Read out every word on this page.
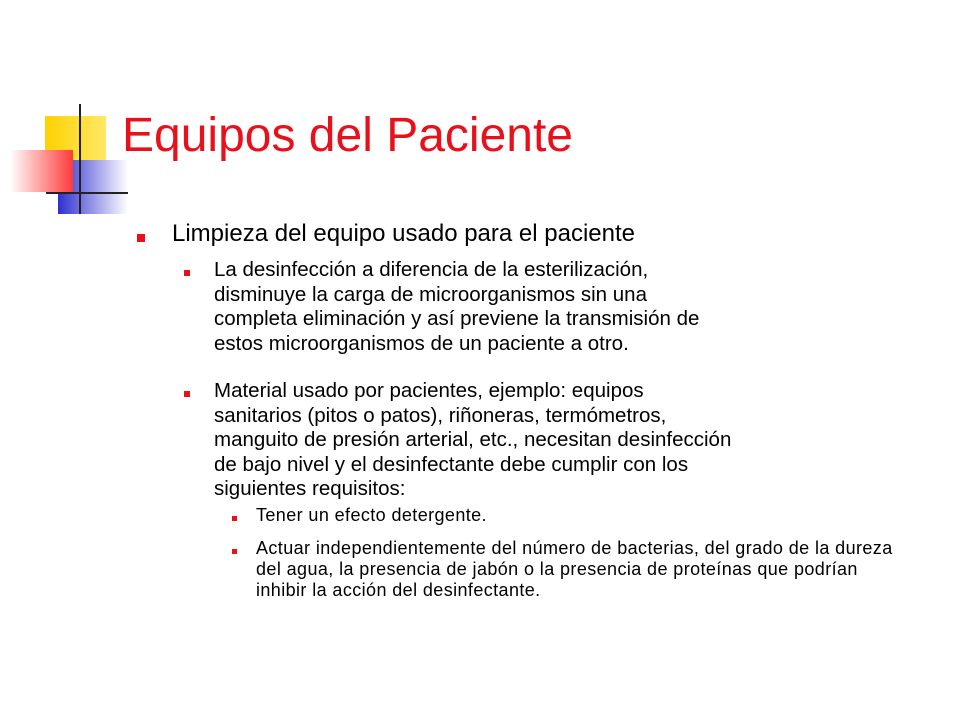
Equipos del Paciente
Limpieza del equipo usado para el paciente
La desinfección a diferencia de la esterilización, disminuye la carga de microorganismos sin una completa eliminación y así previene la transmisión de estos microorganismos de un paciente a otro.
Material usado por pacientes, ejemplo: equipos sanitarios (pitos o patos), riñoneras, termómetros, manguito de presión arterial, etc., necesitan desinfección de bajo nivel y el desinfectante debe cumplir con los siguientes requisitos:
Tener un efecto detergente.
Actuar independientemente del número de bacterias, del grado de la dureza del agua, la presencia de jabón o la presencia de proteínas que podrían inhibir la acción del desinfectante.
